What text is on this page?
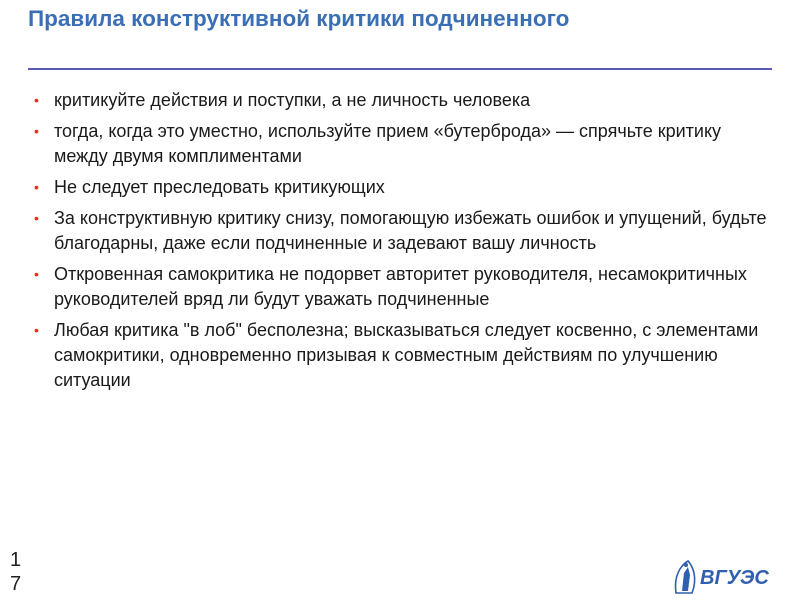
Правила конструктивной критики подчиненного
• критикуйте действия и поступки, а не личность человека
• тогда, когда это уместно, используйте прием «бутерброда» — спрячьте критику между двумя комплиментами
• Не следует преследовать критикующих
• За конструктивную критику снизу, помогающую избежать ошибок и упущений, будьте благодарны, даже если подчиненные и задевают вашу личность
• Откровенная самокритика не подорвет авторитет руководителя, несамокритичных руководителей вряд ли будут уважать подчиненные
• Любая критика "в лоб" бесполезна; высказываться следует косвенно, с элементами самокритики, одновременно призывая к совместным действиям по улучшению ситуации
1
7	ВГУЭС
